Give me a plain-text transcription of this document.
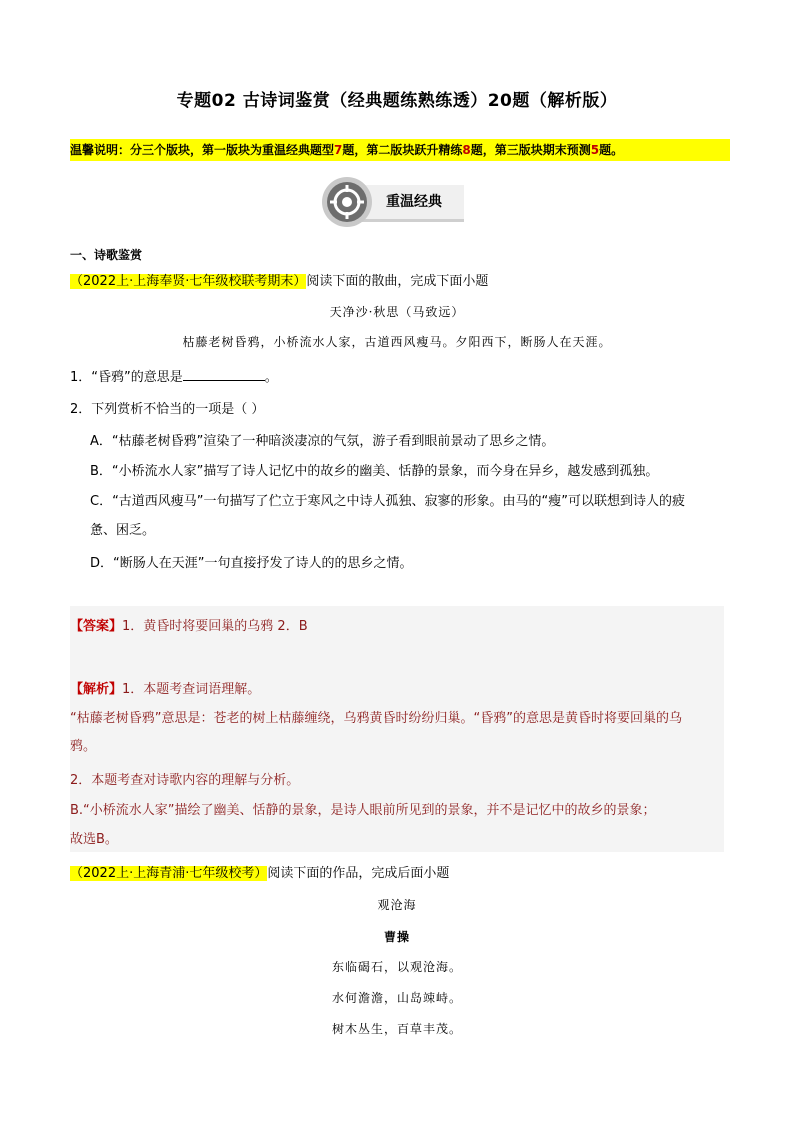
专题02 古诗词鉴赏（经典题练熟练透）20题（解析版）
温馨说明：分三个版块，第一版块为重温经典题型7题，第二版块跃升精练8题，第三版块期末预测5题。
重温经典
一、诗歌鉴赏
（2022上·上海奉贤·七年级校联考期末）阅读下面的散曲，完成下面小题
天净沙·秋思（马致远）
枯藤老树昏鸦，小桥流水人家，古道西风瘦马。夕阳西下，断肠人在天涯。
1．“昏鸦”的意思是	。
2．下列赏析不恰当的一项是（ ）
A．“枯藤老树昏鸦”渲染了一种暗淡凄凉的气氛，游子看到眼前景动了思乡之情。
B．“小桥流水人家”描写了诗人记忆中的故乡的幽美、恬静的景象，而今身在异乡，越发感到孤独。
C．“古道西风瘦马”一句描写了伫立于寒风之中诗人孤独、寂寥的形象。由马的“瘦”可以联想到诗人的疲
惫、困乏。
D．“断肠人在天涯”一句直接抒发了诗人的的思乡之情。
【答案】1．黄昏时将要回巢的乌鸦 2．B
【解析】1．本题考查词语理解。
“枯藤老树昏鸦”意思是：苍老的树上枯藤缠绕，乌鸦黄昏时纷纷归巢。“昏鸦”的意思是黄昏时将要回巢的乌
鸦。
2．本题考查对诗歌内容的理解与分析。
B.“小桥流水人家”描绘了幽美、恬静的景象，是诗人眼前所见到的景象，并不是记忆中的故乡的景象；
故选B。
（2022上·上海青浦·七年级校考）阅读下面的作品，完成后面小题
观沧海
曹操
东临碣石，以观沧海。
水何澹澹，山岛竦峙。
树木丛生，百草丰茂。
